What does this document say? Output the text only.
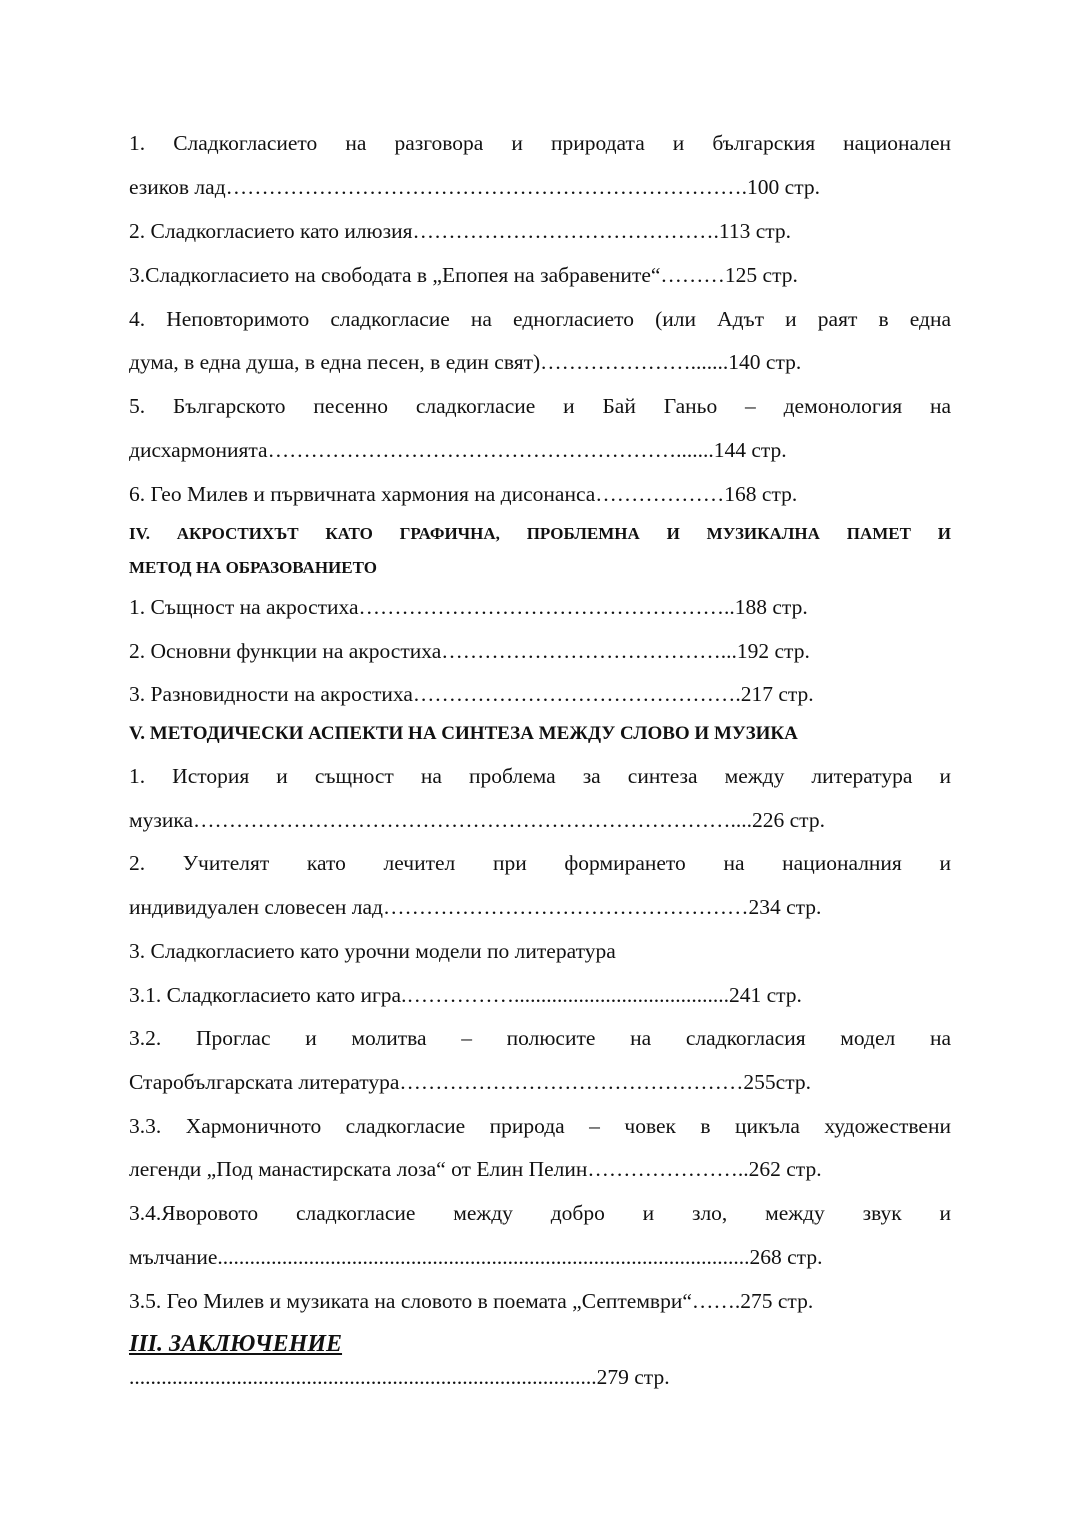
1. Сладкогласието на разговора и природата и българския национален
езиков лад……………………………………………………………….100 стр.
2. Сладкогласието като илюзия…………………………………….113 стр.
3.Сладкогласието на свободата в „Епопея на забравените“………125 стр.
4. Неповторимото сладкогласие на едногласието (или Адът и раят в една
дума, в една душа, в една песен, в един свят)………………….......140 стр.
5. Българското песенно сладкогласие и Бай Ганьо – демонология на
дисхармонията………………………………………………….......144 стр.
6. Гео Милев и първичната хармония на дисонанса………………168 стр.
IV. АКРОСТИХЪТ КАТО ГРАФИЧНА, ПРОБЛЕМНА И МУЗИКАЛНА ПАМЕТ И
МЕТОД НА ОБРАЗОВАНИЕТО
1. Същност на акростиха……………………………………………..188 стр.
2. Основни функции на акростиха…………………………………...192 стр.
3. Разновидности на акростиха……………………………………….217 стр.
V. МЕТОДИЧЕСКИ АСПЕКТИ НА СИНТЕЗА МЕЖДУ СЛОВО И МУЗИКА
1. История и същност на проблема за синтеза между литература и
музика…………………………………………………………………....226 стр.
2. Учителят като лечител при формирането на националния и
индивидуален словесен лад……………………………………………234 стр.
3. Сладкогласието като урочни модели по литература
3.1. Сладкогласието като игра.……………........................................241 стр.
3.2. Проглас и молитва – полюсите на сладкогласия модел на
Старобългарската литература…………………………………………255стр.
3.3. Хармоничното сладкогласие природа – човек в цикъла художествени
легенди „Под манастирската лоза“ от Елин Пелин…………………..262 стр.
3.4.Яворовото сладкогласие между добро и зло, между звук и
мълчание...................................................................................................268 стр.
3.5. Гео Милев и музиката на словото в поемата „Септември“…….275 стр.
III. ЗАКЛЮЧЕНИЕ
.......................................................................................279 стр.
